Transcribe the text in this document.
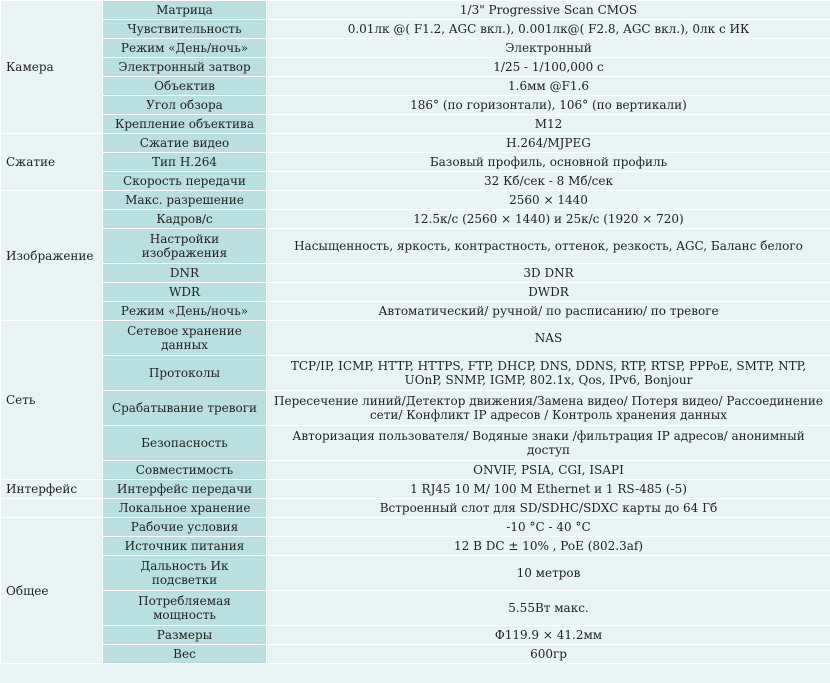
Камера	Матрица	1/3" Progressive Scan CMOS
	Чувствительность	0.01лк @( F1.2, AGC вкл.), 0.001лк@( F2.8, AGC вкл.), 0лк с ИК
	Режим «День/ночь»	Электронный
	Электронный затвор	1/25 - 1/100,000 с
	Объектив	1.6мм @F1.6
	Угол обзора	186° (по горизонтали), 106° (по вертикали)
	Крепление объектива	M12
Сжатие	Сжатие видео	H.264/MJPEG
	Тип H.264	Базовый профиль, основной профиль
	Скорость передачи	32 Кб/сек - 8 Мб/сек
Изображение	Макс. разрешение	2560 × 1440
	Кадров/с	12.5к/с (2560 × 1440) и 25к/с (1920 × 720)
	Настройки изображения	Насыщенность, яркость, контрастность, оттенок, резкость, AGC, Баланс белого
	DNR	3D DNR
	WDR	DWDR
	Режим «День/ночь»	Автоматический/ ручной/ по расписанию/ по тревоге
Сеть	Сетевое хранение данных	NAS
	Протоколы	TCP/IP, ICMP, HTTP, HTTPS, FTP, DHCP, DNS, DDNS, RTP, RTSP, PPPoE, SMTP, NTP, UOnP, SNMP, IGMP, 802.1x, Qos, IPv6, Bonjour
	Срабатывание тревоги	Пересечение линий/Детектор движения/Замена видео/ Потеря видео/ Рассоединение сети/ Конфликт IP адресов / Контроль хранения данных
	Безопасность	Авторизация пользователя/ Водяные знаки /фильтрация IP адресов/ анонимный доступ
	Совместимость	ONVIF, PSIA, CGI, ISAPI
Интерфейс	Интерфейс передачи	1 RJ45 10 M/ 100 M Ethernet и 1 RS-485 (-5)
	Локальное хранение	Встроенный слот для SD/SDHC/SDXC карты до 64 Гб
Общее	Рабочие условия	-10 °C - 40 °C
	Источник питания	12 В DC ± 10% , PoE (802.3af)
	Дальность Ик подсветки	10 метров
	Потребляемая мощность	5.55Вт макс.
	Размеры	Φ119.9 × 41.2мм
	Вес	600гр
